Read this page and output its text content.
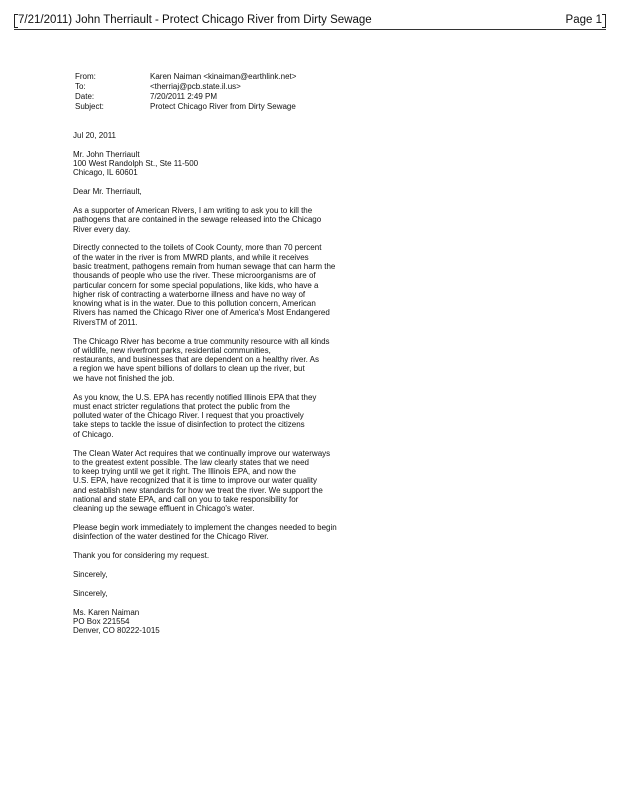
7/21/2011) John Therriault - Protect Chicago River from Dirty Sewage	Page 1
From:	Karen Naiman <kinaiman@earthlink.net>
To:	<therriaj@pcb.state.il.us>
Date:	7/20/2011 2:49 PM
Subject:	Protect Chicago River from Dirty Sewage

Jul 20, 2011

Mr. John Therriault
100 West Randolph St., Ste 11-500
Chicago, IL 60601

Dear Mr. Therriault,

As a supporter of American Rivers, I am writing to ask you to kill the
pathogens that are contained in the sewage released into the Chicago
River every day.

Directly connected to the toilets of Cook County, more than 70 percent
of the water in the river is from MWRD plants, and while it receives
basic treatment, pathogens remain from human sewage that can harm the
thousands of people who use the river. These microorganisms are of
particular concern for some special populations, like kids, who have a
higher risk of contracting a waterborne illness and have no way of
knowing what is in the water. Due to this pollution concern, American
Rivers has named the Chicago River one of America's Most Endangered
RiversTM of 2011.

The Chicago River has become a true community resource with all kinds
of wildlife, new riverfront parks, residential communities,
restaurants, and businesses that are dependent on a healthy river. As
a region we have spent billions of dollars to clean up the river, but
we have not finished the job.

As you know, the U.S. EPA has recently notified Illinois EPA that they
must enact stricter regulations that protect the public from the
polluted water of the Chicago River. I request that you proactively
take steps to tackle the issue of disinfection to protect the citizens
of Chicago.

The Clean Water Act requires that we continually improve our waterways
to the greatest extent possible. The law clearly states that we need
to keep trying until we get it right. The Illinois EPA, and now the
U.S. EPA, have recognized that it is time to improve our water quality
and establish new standards for how we treat the river. We support the
national and state EPA, and call on you to take responsibility for
cleaning up the sewage effluent in Chicago's water.

Please begin work immediately to implement the changes needed to begin
disinfection of the water destined for the Chicago River.

Thank you for considering my request.

Sincerely,

Sincerely,

Ms. Karen Naiman
PO Box 221554
Denver, CO 80222-1015
